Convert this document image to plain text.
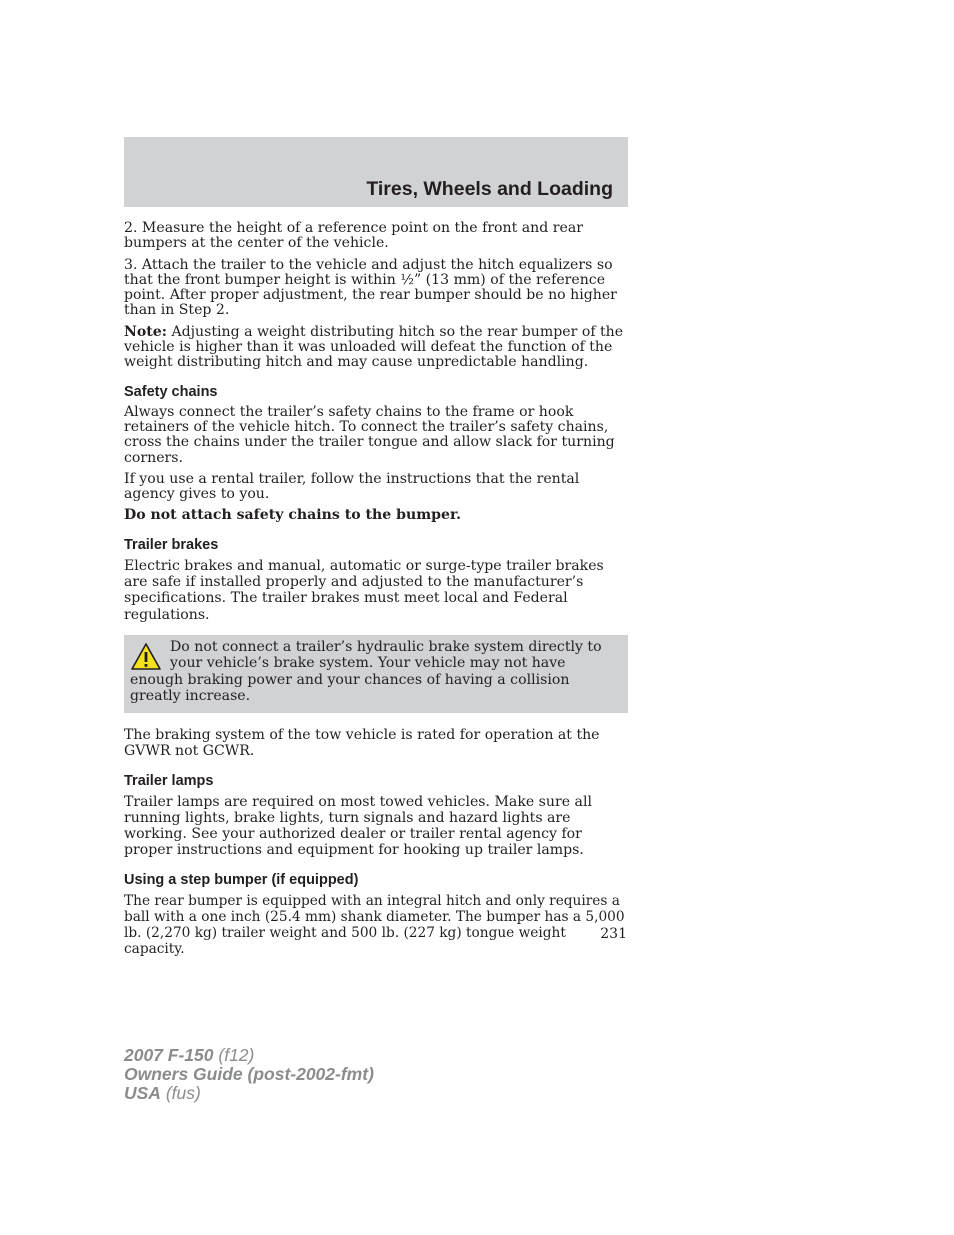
Tires, Wheels and Loading

2. Measure the height of a reference point on the front and rear bumpers at the center of the vehicle.

3. Attach the trailer to the vehicle and adjust the hitch equalizers so that the front bumper height is within ½” (13 mm) of the reference point. After proper adjustment, the rear bumper should be no higher than in Step 2.

Note: Adjusting a weight distributing hitch so the rear bumper of the vehicle is higher than it was unloaded will defeat the function of the weight distributing hitch and may cause unpredictable handling.

Safety chains

Always connect the trailer’s safety chains to the frame or hook retainers of the vehicle hitch. To connect the trailer’s safety chains, cross the chains under the trailer tongue and allow slack for turning corners.

If you use a rental trailer, follow the instructions that the rental agency gives to you.

Do not attach safety chains to the bumper.

Trailer brakes

Electric brakes and manual, automatic or surge-type trailer brakes are safe if installed properly and adjusted to the manufacturer’s specifications. The trailer brakes must meet local and Federal regulations.

Do not connect a trailer’s hydraulic brake system directly to your vehicle’s brake system. Your vehicle may not have enough braking power and your chances of having a collision greatly increase.

The braking system of the tow vehicle is rated for operation at the GVWR not GCWR.

Trailer lamps

Trailer lamps are required on most towed vehicles. Make sure all running lights, brake lights, turn signals and hazard lights are working. See your authorized dealer or trailer rental agency for proper instructions and equipment for hooking up trailer lamps.

Using a step bumper (if equipped)

The rear bumper is equipped with an integral hitch and only requires a ball with a one inch (25.4 mm) shank diameter. The bumper has a 5,000 lb. (2,270 kg) trailer weight and 500 lb. (227 kg) tongue weight capacity.

231
2007 F-150 (f12)
Owners Guide (post-2002-fmt)
USA (fus)
